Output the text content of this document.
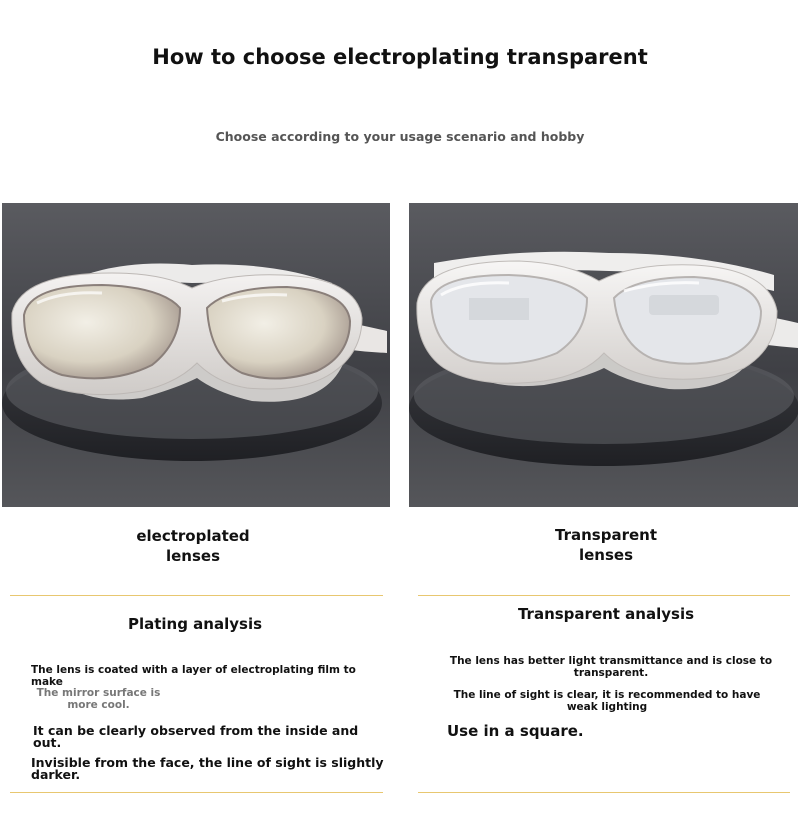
How to choose electroplating transparent
Choose according to your usage scenario and hobby
electroplated lenses
Transparent lenses
Plating analysis
Transparent analysis
The lens is coated with a layer of electroplating film to make
The mirror surface is more cool.
It can be clearly observed from the inside and out.
Invisible from the face, the line of sight is slightly darker.
The lens has better light transmittance and is close to transparent.
The line of sight is clear, it is recommended to have weak lighting
Use in a square.
